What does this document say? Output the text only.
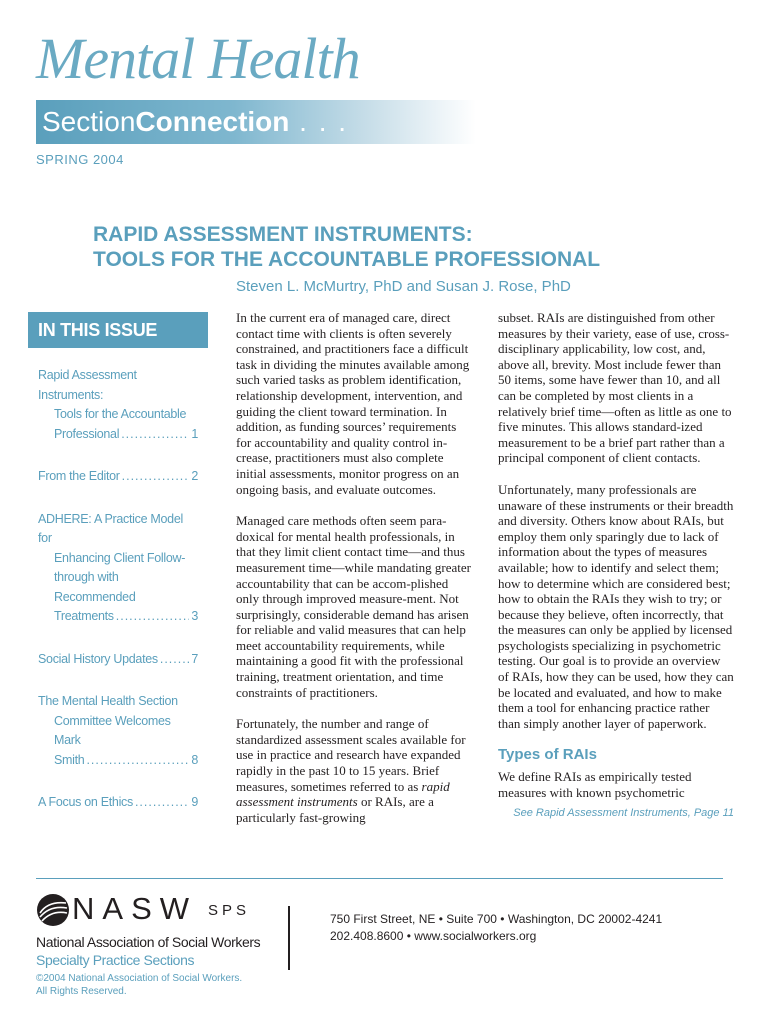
Mental Health
SectionConnection . . .
SPRING 2004
RAPID ASSESSMENT INSTRUMENTS:
TOOLS FOR THE ACCOUNTABLE PROFESSIONAL
Steven L. McMurtry, PhD and Susan J. Rose, PhD
IN THIS ISSUE
Rapid Assessment Instruments:
Tools for the Accountable
Professional .....	1
From the Editor .....	2
ADHERE: A Practice Model for
Enhancing Client Follow-
through with Recommended
Treatments .....	3
Social History Updates .....	7
The Mental Health Section
Committee Welcomes Mark
Smith .....	8
A Focus on Ethics .....	9

In the current era of managed care, direct contact time with clients is often severely constrained, and practitioners face a difficult task in dividing the minutes available among such varied tasks as problem identification, relationship development, intervention, and guiding the client toward termination. In addition, as funding sources’ requirements for accountability and quality control in-crease, practitioners must also complete initial assessments, monitor progress on an ongoing basis, and evaluate outcomes.

Managed care methods often seem para-doxical for mental health professionals, in that they limit client contact time—and thus measurement time—while mandating greater accountability that can be accom-plished only through improved measure-ment. Not surprisingly, considerable demand has arisen for reliable and valid measures that can help meet accountability requirements, while maintaining a good fit with the professional training, treatment orientation, and time constraints of practitioners.

Fortunately, the number and range of standardized assessment scales available for use in practice and research have expanded rapidly in the past 10 to 15 years. Brief measures, sometimes referred to as rapid assessment instruments or RAIs, are a particularly fast-growing

subset. RAIs are distinguished from other measures by their variety, ease of use, cross-disciplinary applicability, low cost, and, above all, brevity. Most include fewer than 50 items, some have fewer than 10, and all can be completed by most clients in a relatively brief time—often as little as one to five minutes. This allows standard-ized measurement to be a brief part rather than a principal component of client contacts.

Unfortunately, many professionals are unaware of these instruments or their breadth and diversity. Others know about RAIs, but employ them only sparingly due to lack of information about the types of measures available; how to identify and select them; how to determine which are considered best; how to obtain the RAIs they wish to try; or because they believe, often incorrectly, that the measures can only be applied by licensed psychologists specializing in psychometric testing. Our goal is to provide an overview of RAIs, how they can be used, how they can be located and evaluated, and how to make them a tool for enhancing practice rather than simply another layer of paperwork.

Types of RAIs
We define RAIs as empirically tested measures with known psychometric
See Rapid Assessment Instruments, Page 11
NASW SPS
National Association of Social Workers
Specialty Practice Sections
©2004 National Association of Social Workers.
All Rights Reserved.
750 First Street, NE • Suite 700 • Washington, DC 20002-4241
202.408.8600 • www.socialworkers.org
